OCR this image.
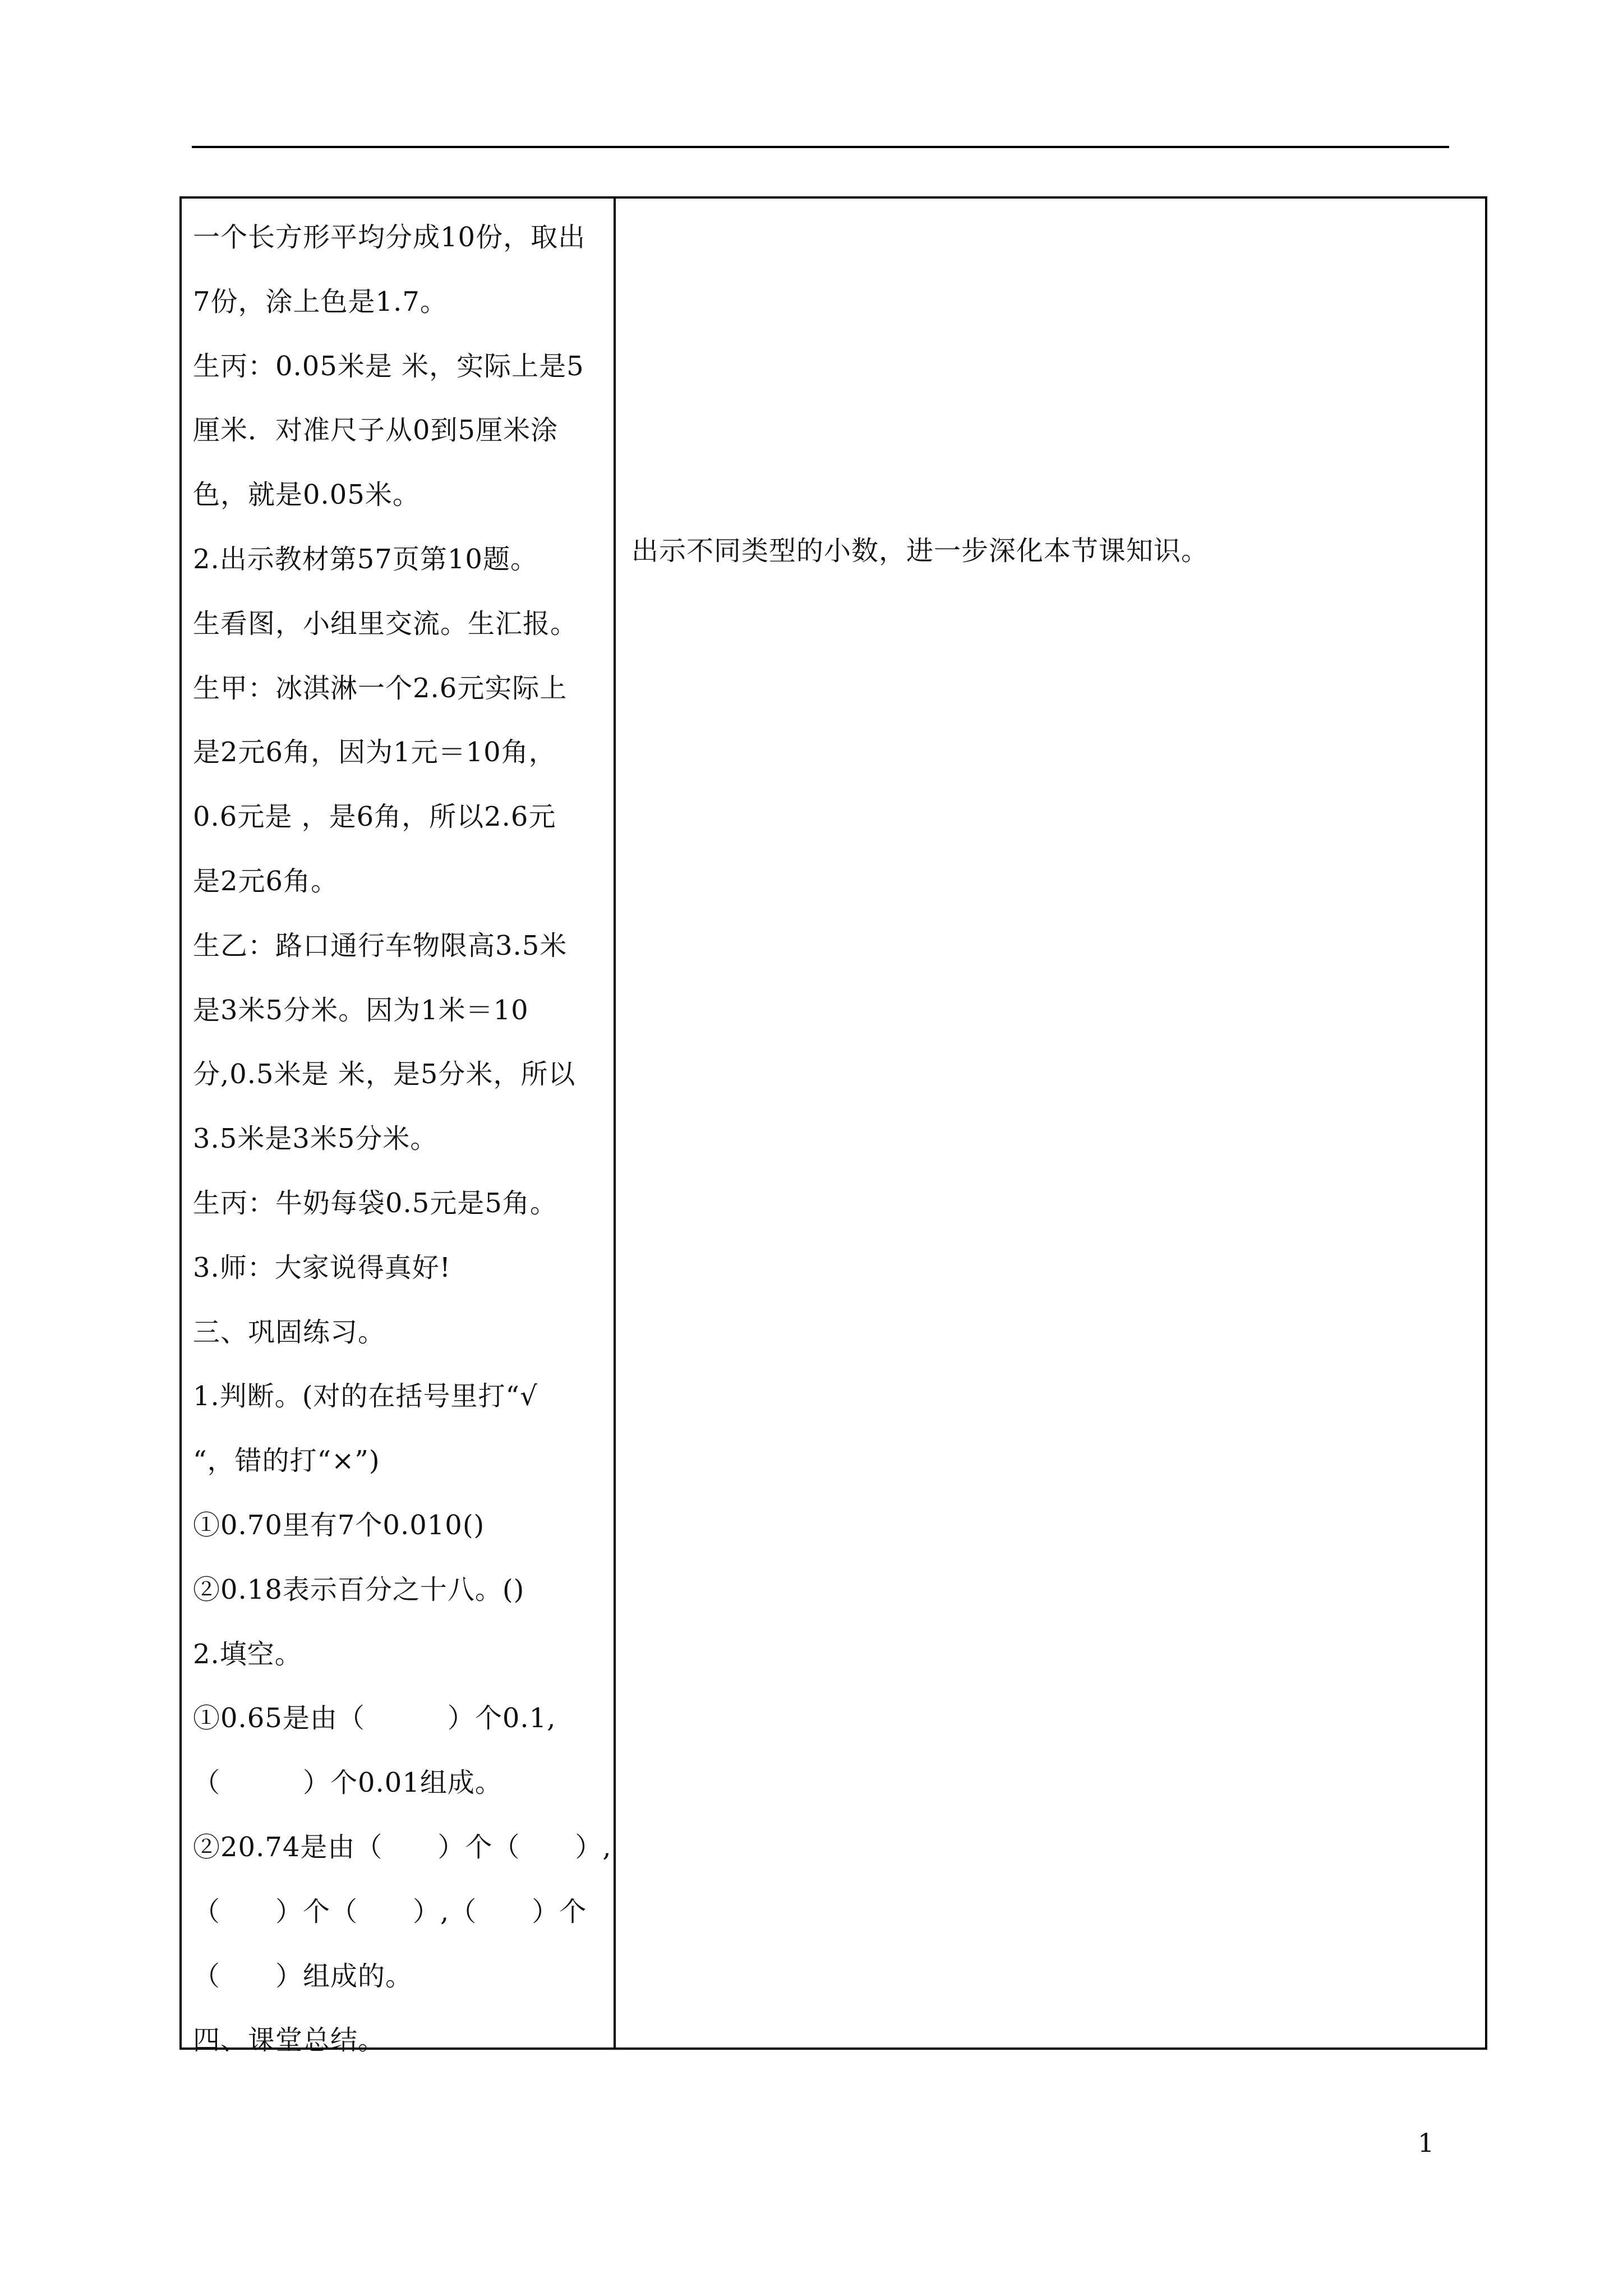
一个长方形平均分成10份，取出
7份，涂上色是1.7。
生丙：0.05米是 米，实际上是5
厘米．对准尺子从0到5厘米涂
色，就是0.05米。
2.出示教材第57页第10题。
生看图，小组里交流。生汇报。
生甲：冰淇淋一个2.6元实际上
是2元6角，因为1元＝10角，
0.6元是 ，是6角，所以2.6元
是2元6角。
生乙：路口通行车物限高3.5米
是3米5分米。因为1米＝10
分,0.5米是 米，是5分米，所以
3.5米是3米5分米。
生丙：牛奶每袋0.5元是5角。
3.师：大家说得真好!
三、巩固练习。
1.判断。(对的在括号里打“√
“，错的打“×”)
①0.70里有7个0.010()
②0.18表示百分之十八。()
2.填空。
①0.65是由（　　　）个0.1,
（　　　）个0.01组成。
②20.74是由（　　）个（　　）,
（　　）个（　　）,（　　）个
（　　）组成的。
四、课堂总结。
出示不同类型的小数，进一步深化本节课知识。
1
